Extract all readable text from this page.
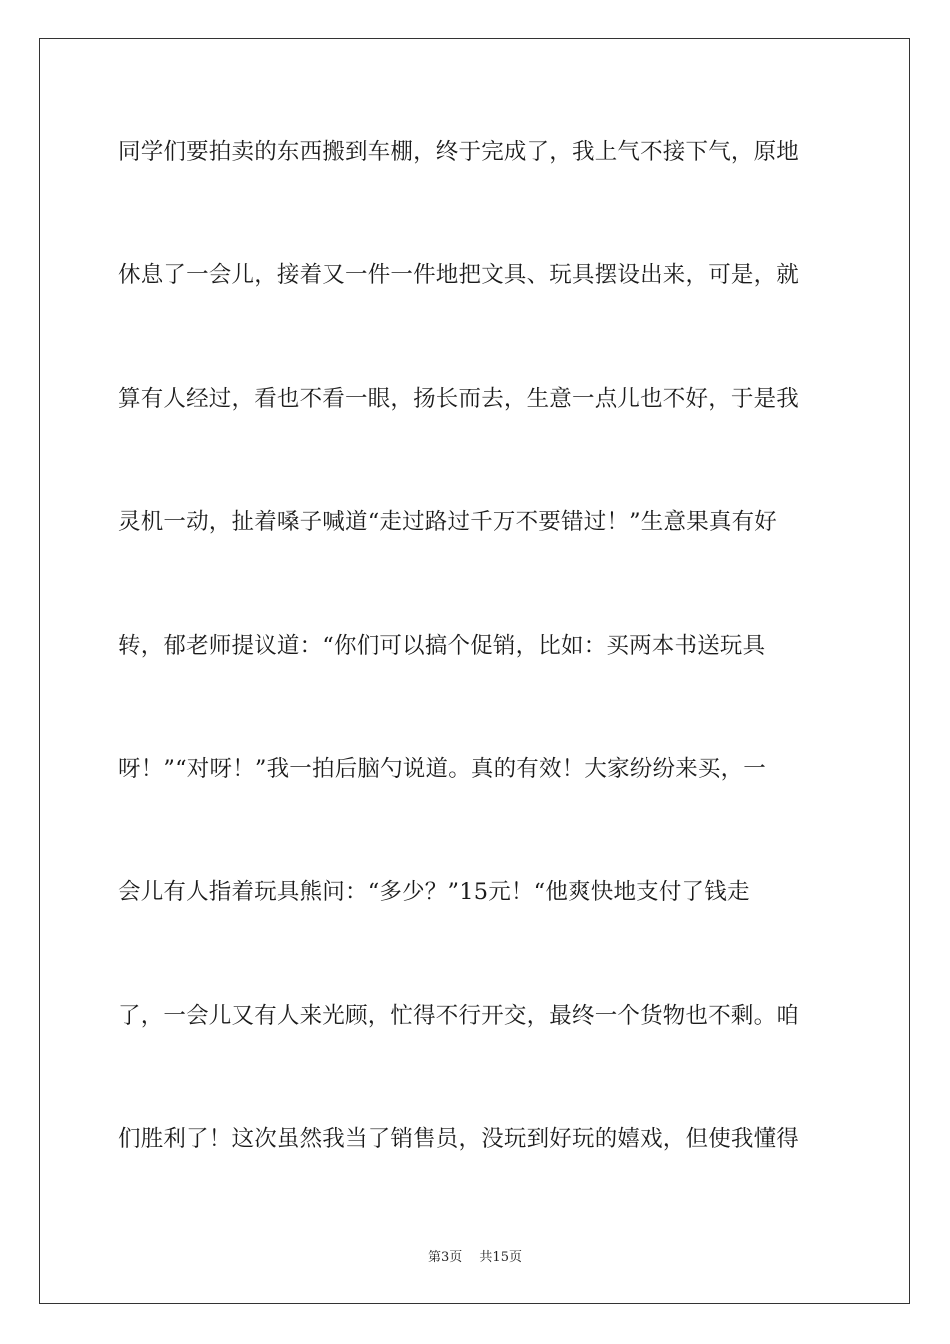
同学们要拍卖的东西搬到车棚，终于完成了，我上气不接下气，原地
休息了一会儿，接着又一件一件地把文具、玩具摆设出来，可是，就
算有人经过，看也不看一眼，扬长而去，生意一点儿也不好，于是我
灵机一动，扯着嗓子喊道“走过路过千万不要错过！”生意果真有好
转，郁老师提议道：“你们可以搞个促销，比如：买两本书送玩具
呀！”“对呀！”我一拍后脑勺说道。真的有效！大家纷纷来买，一
会儿有人指着玩具熊问：“多少？”15元！“他爽快地支付了钱走
了，一会儿又有人来光顾，忙得不行开交，最终一个货物也不剩。咱
们胜利了！这次虽然我当了销售员，没玩到好玩的嬉戏，但使我懂得
第3页　 共15页
